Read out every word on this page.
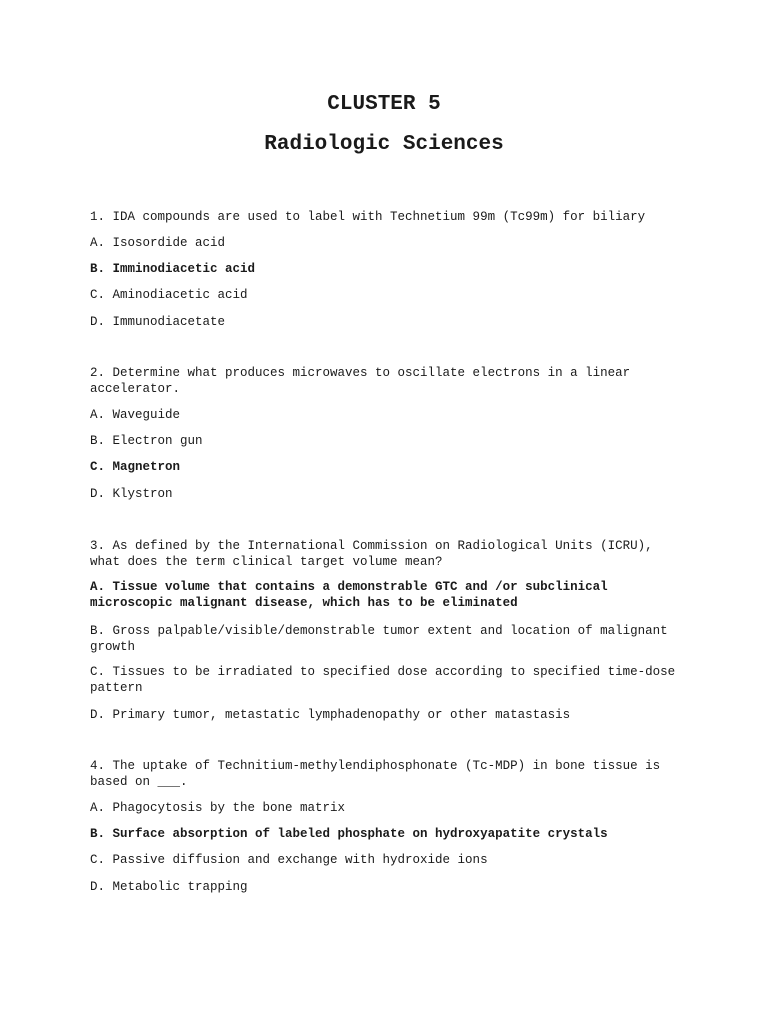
CLUSTER 5
Radiologic Sciences

1. IDA compounds are used to label with Technetium 99m (Tc99m) for biliary

A. Isosordide acid

B. Imminodiacetic acid

C. Aminodiacetic acid

D. Immunodiacetate

2. Determine what produces microwaves to oscillate electrons in a linear accelerator.

A. Waveguide

B. Electron gun

C. Magnetron

D. Klystron

3. As defined by the International Commission on Radiological Units (ICRU), what does the term clinical target volume mean?

A. Tissue volume that contains a demonstrable GTC and /or subclinical microscopic malignant disease, which has to be eliminated

B. Gross palpable/visible/demonstrable tumor extent and location of malignant growth

C. Tissues to be irradiated to specified dose according to specified time-dose pattern

D. Primary tumor, metastatic lymphadenopathy or other matastasis

4. The uptake of Technitium-methylendiphosphonate (Tc-MDP) in bone tissue is based on ___.

A. Phagocytosis by the bone matrix

B. Surface absorption of labeled phosphate on hydroxyapatite crystals

C. Passive diffusion and exchange with hydroxide ions

D. Metabolic trapping
